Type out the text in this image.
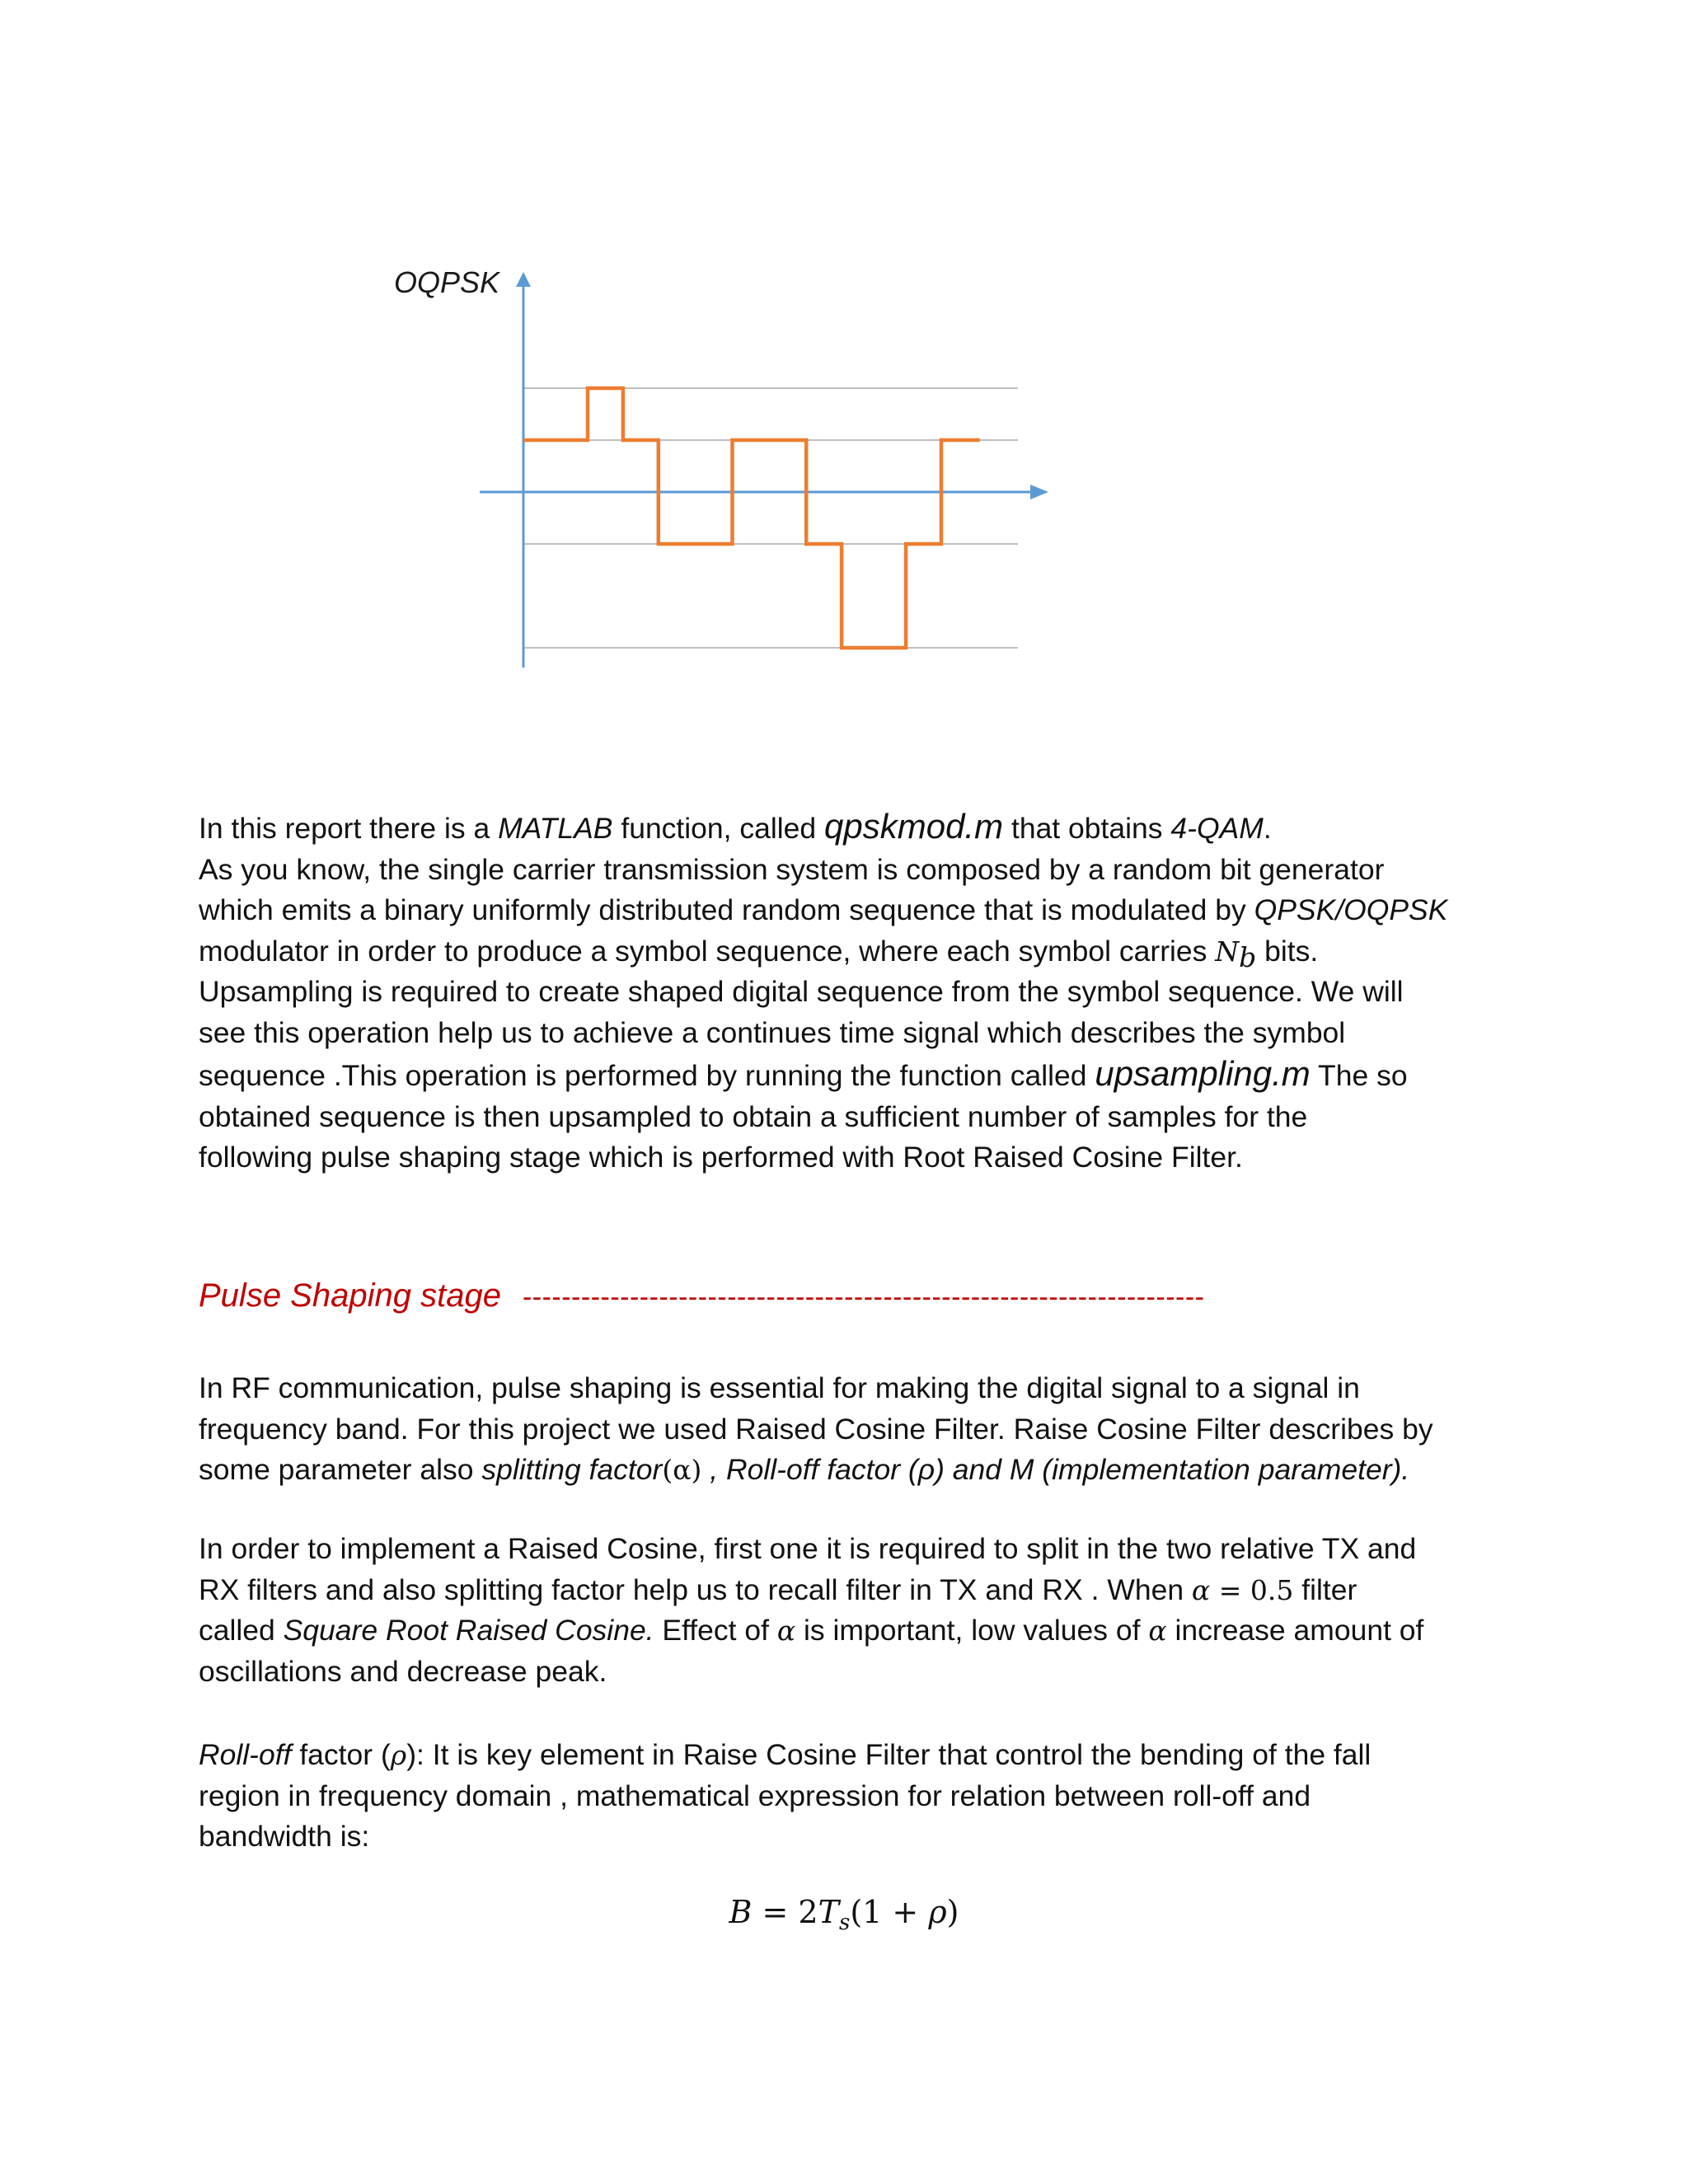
OQPSK

In this report there is a MATLAB function, called qpskmod.m that obtains 4-QAM.

As you know, the single carrier transmission system is composed by a random bit generator

which emits a binary uniformly distributed random sequence that is modulated by QPSK/OQPSK

modulator in order to produce a symbol sequence, where each symbol carries $N_b$ bits.

Upsampling is required to create shaped digital sequence from the symbol sequence. We will

see this operation help us to achieve a continues time signal which describes the symbol

sequence .This operation is performed by running the function called upsampling.m The so

obtained sequence is then upsampled to obtain a sufficient number of samples for the

following pulse shaping stage which is performed with Root Raised Cosine Filter.

Pulse Shaping stage ----------------------------------------------------------------------

In RF communication, pulse shaping is essential for making the digital signal to a signal in

frequency band. For this project we used Raised Cosine Filter. Raise Cosine Filter describes by

some parameter also splitting factor(α) , Roll-off factor (ρ) and M (implementation parameter).

In order to implement a Raised Cosine, first one it is required to split in the two relative TX and

RX filters and also splitting factor help us to recall filter in TX and RX . When α = 0.5 filter

called Square Root Raised Cosine. Effect of α is important, low values of α increase amount of

oscillations and decrease peak.

Roll-off factor (ρ): It is key element in Raise Cosine Filter that control the bending of the fall

region in frequency domain , mathematical expression for relation between roll-off and

bandwidth is:

$B = 2T_s(1 + \rho)$
